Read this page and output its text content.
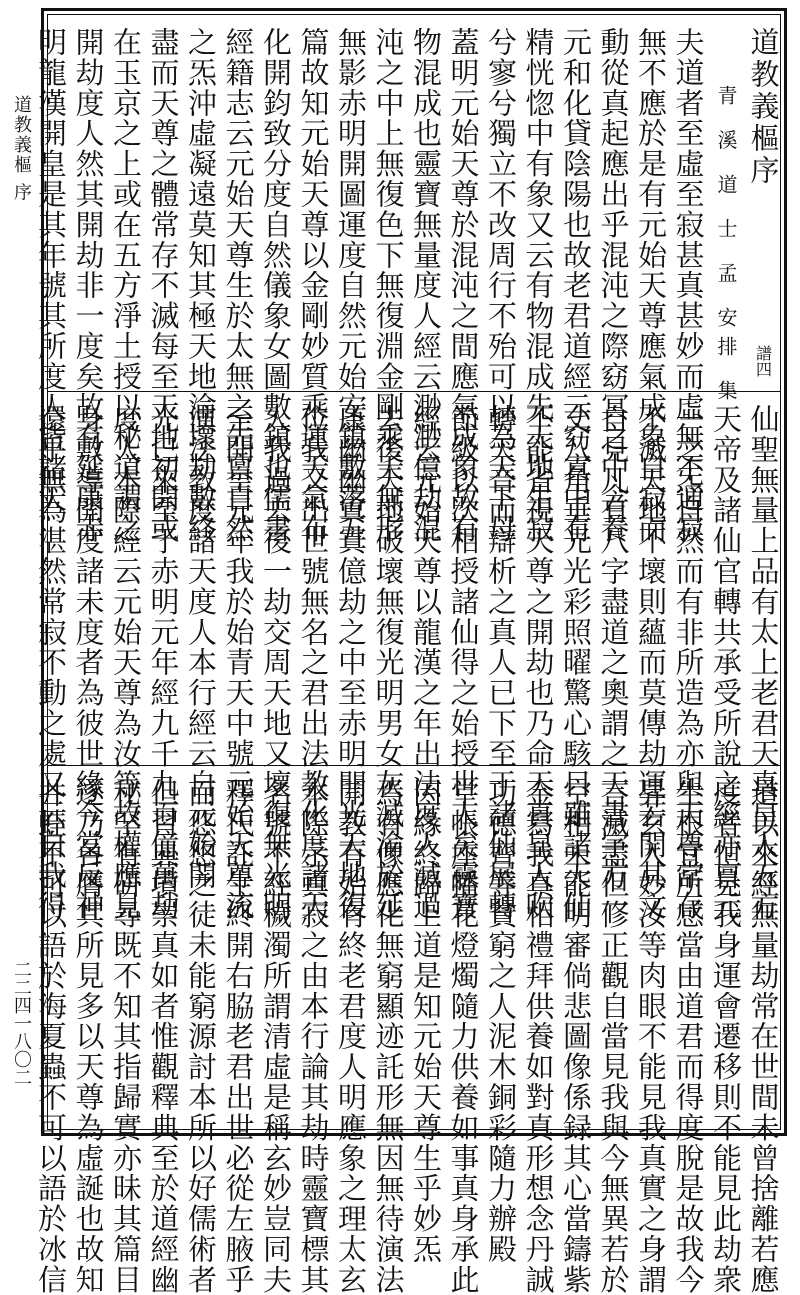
道教義樞 序
二二四一八〇二
道教義樞序
青 溪 道 士 孟 安排 集 譜四
夫道者至虛至寂甚真甚妙而虛無不通寂
無不應於是有元始天尊應氣成象自寂而
動從真起應出乎混沌之際窈冥之中含養
元和化貸陰陽也故老君道經云窈寘中有
精恍惚中有象又云有物混成先天地生寂
兮寥兮獨立不改周行不殆可以為天下母
蓋明元始天尊於混沌之間應氣成象故有
物混成也靈寶無量度人經云渺渺億劫混
沌之中上無復色下無復淵金剛乘天無形
無影赤明開圖運度自然元始安鎮敷落五
篇故知元始天尊以金剛妙質乘運天氣布
化開鈞致分度自然儀象女圖數鎮也儒書
經籍志云元始天尊生於太無之先禀自然
之炁沖虛凝遠莫知其極天地淪壞劫數終
盡而天尊之體常存不滅每至天地初開或
在玉京之上或在五方淨土授以秘道謂之
開劫度人然其開劫非一度矣故有延康赤
明龍漢開皇是其年號其所度人皆諸天
仙聖無量上品有太上老君天真皇人五方
天帝及諸仙官轉共承受所說之經亦禀元
一之炁自然而有非所造為亦與天尊常存
不滅天地不壞則蘊而莫傳劫運若開其文
自見凡有八字盡道之奧謂之天書字方一
丈八角垂光光彩照曜驚心駭目雖諸天仙
不能省視天尊之開劫也乃命天真皇人吹
轉天音而辯析之真人已下至于諸仙展轉
節級以次相授諸仙得之始授世人矣靈寶
經云元始天尊以龍漢之年出法度人滅過
去後天地破壞無復光明男女灰滅淪於延
康幽幽寘寘億劫之中至赤明開光天地復
位我又出世號無名之君出法教化度諸天
人我過去後一劫交周天地又壞復無光明
至開皇元年我於始青天中號元始天尊流
演法教度諸天度人本行經云自元始開
光巳來至于赤明元年經九千九百億萬劫
度人本際經云元始天尊為汝等故權應見
身敷導開度諸未度者為彼世緣今當反神
還乎無為湛然常寂不動之處又云自我得
道以來經無量劫常在世間未曾捨離若應
度者恒見我身運會遷移則不能見此劫衆
生根宜所感當由道君而得度脫是故我今
昇玄入妙汝等肉眼不能見我真實之身謂
言滅盡但修正觀自當見我與今無異若於
空相未能明審倘悲圖像係録其心當鑄紫
金寫我真相禮拜供養如對真形想念丹誠
功德齊等貧窮之人泥木銅彩隨力辦殿
堂帳座幡花燈燭隨力供養如事真身承此
因緣終歸上道是知元始天尊生乎妙炁
焉有像應化無窮顯迹託形無因無待演法
開教有始有終老君度人明應象之理太玄
本際示真寂之由本行論其劫時靈寶標其
名號不經穢濁所謂清虛是稱玄妙豈同夫
釋氏託生終開右脇老君出世必從左腋乎
而悠悠之徒未能窮源討本所以好儒術者
但習典墳崇真如者惟觀釋典至於道經幽
秘罕有研尋既不知其指歸實亦昧其篇目
遂乃各膺其所見多以天尊為虛誕也故知
井蛙不可以語於海夏蟲不可以語於冰信
